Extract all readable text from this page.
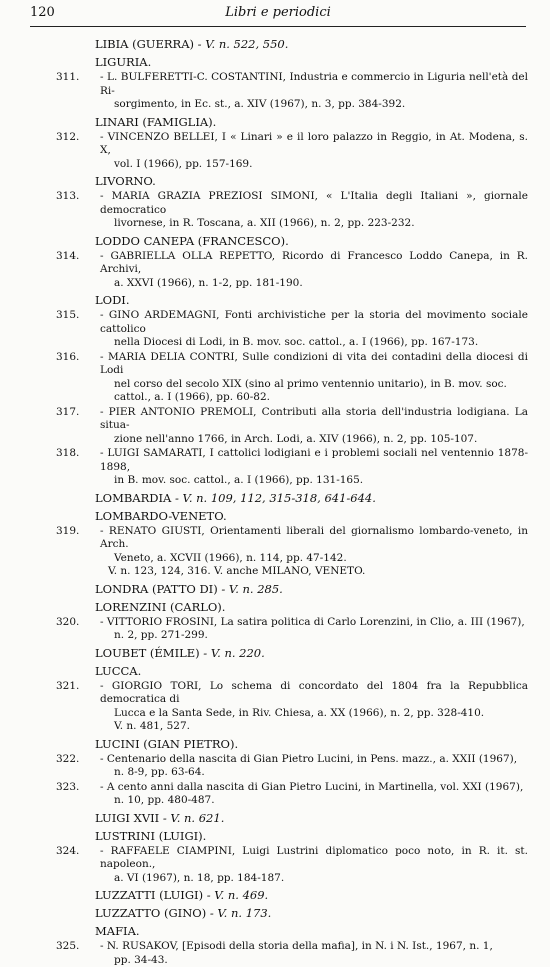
120	Libri e periodici
LIBIA (GUERRA) - V. n. 522, 550.
LIGURIA.
311. - L. BULFERETTI-C. COSTANTINI, Industria e commercio in Liguria nell'età del Ri-
sorgimento, in Ec. st., a. XIV (1967), n. 3, pp. 384-392.
LINARI (FAMIGLIA).
312. - VINCENZO BELLEI, I « Linari » e il loro palazzo in Reggio, in At. Modena, s. X,
vol. I (1966), pp. 157-169.
LIVORNO.
313. - MARIA GRAZIA PREZIOSI SIMONI, « L'Italia degli Italiani », giornale democratico
livornese, in R. Toscana, a. XII (1966), n. 2, pp. 223-232.
LODDO CANEPA (FRANCESCO).
314. - GABRIELLA OLLA REPETTO, Ricordo di Francesco Loddo Canepa, in R. Archivi,
a. XXVI (1966), n. 1-2, pp. 181-190.
LODI.
315. - GINO ARDEMAGNI, Fonti archivistiche per la storia del movimento sociale cattolico
nella Diocesi di Lodi, in B. mov. soc. cattol., a. I (1966), pp. 167-173.
316. - MARIA DELIA CONTRI, Sulle condizioni di vita dei contadini della diocesi di Lodi
nel corso del secolo XIX (sino al primo ventennio unitario), in B. mov. soc.
cattol., a. I (1966), pp. 60-82.
317. - PIER ANTONIO PREMOLI, Contributi alla storia dell'industria lodigiana. La situa-
zione nell'anno 1766, in Arch. Lodi, a. XIV (1966), n. 2, pp. 105-107.
318. - LUIGI SAMARATI, I cattolici lodigiani e i problemi sociali nel ventennio 1878-1898,
in B. mov. soc. cattol., a. I (1966), pp. 131-165.
LOMBARDIA - V. n. 109, 112, 315-318, 641-644.
LOMBARDO-VENETO.
319. - RENATO GIUSTI, Orientamenti liberali del giornalismo lombardo-veneto, in Arch.
Veneto, a. XCVII (1966), n. 114, pp. 47-142.
V. n. 123, 124, 316. V. anche MILANO, VENETO.
LONDRA (PATTO DI) - V. n. 285.
LORENZINI (CARLO).
320. - VITTORIO FROSINI, La satira politica di Carlo Lorenzini, in Clio, a. III (1967),
n. 2, pp. 271-299.
LOUBET (ÉMILE) - V. n. 220.
LUCCA.
321. - GIORGIO TORI, Lo schema di concordato del 1804 fra la Repubblica democratica di
Lucca e la Santa Sede, in Riv. Chiesa, a. XX (1966), n. 2, pp. 328-410.
V. n. 481, 527.
LUCINI (GIAN PIETRO).
322. - Centenario della nascita di Gian Pietro Lucini, in Pens. mazz., a. XXII (1967),
n. 8-9, pp. 63-64.
323. - A cento anni dalla nascita di Gian Pietro Lucini, in Martinella, vol. XXI (1967),
n. 10, pp. 480-487.
LUIGI XVII - V. n. 621.
LUSTRINI (LUIGI).
324. - RAFFAELE CIAMPINI, Luigi Lustrini diplomatico poco noto, in R. it. st. napoleon.,
a. VI (1967), n. 18, pp. 184-187.
LUZZATTI (LUIGI) - V. n. 469.
LUZZATTO (GINO) - V. n. 173.
MAFIA.
325. - N. RUSAKOV, [Episodi della storia della mafia], in N. i N. Ist., 1967, n. 1,
pp. 34-43.
